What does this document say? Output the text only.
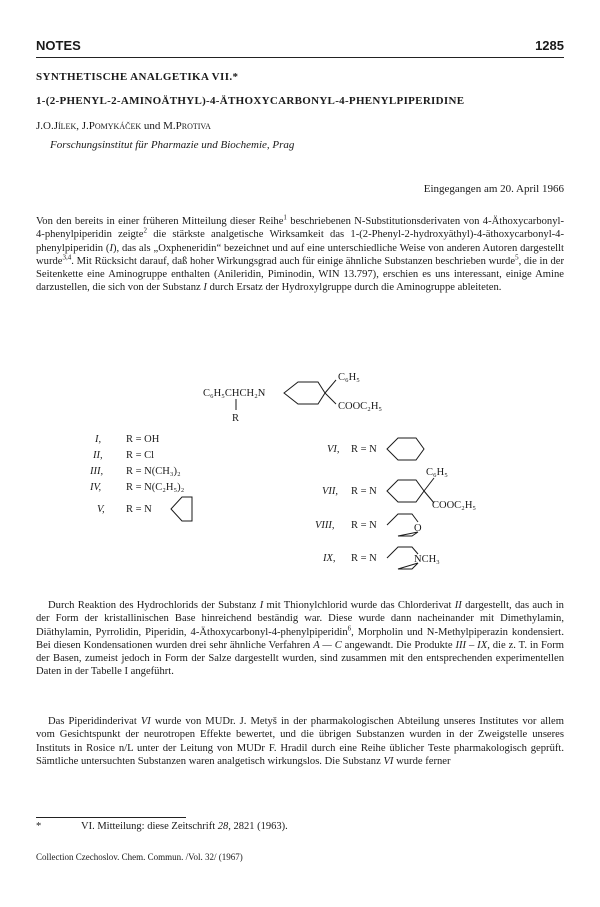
NOTES	1285
SYNTHETISCHE ANALGETIKA VII.*
1-(2-PHENYL-2-AMINOÄTHYL)-4-ÄTHOXYCARBONYL-4-PHENYLPIPERIDINE
J.O.Jílek, J.Pomykáček und M.Protiva
Forschungsinstitut für Pharmazie und Biochemie, Prag
Eingegangen am 20. April 1966

Von den bereits in einer früheren Mitteilung dieser Reihe$^1$ beschriebenen N-Substitutionsderivaten von 4-Äthoxycarbonyl-4-phenylpiperidin zeigte$^2$ die stärkste analgetische Wirksamkeit das 1-(2-Phenyl-2-hydroxyäthyl)-4-äthoxycarbonyl-4-phenylpiperidin (I), das als „Oxpheneridin“ bezeichnet und auf eine unterschiedliche Weise von anderen Autoren dargestellt wurde$^{3,4}$. Mit Rücksicht darauf, daß hoher Wirkungsgrad auch für einige ähnliche Substanzen beschrieben wurde$^5$, die in der Seitenkette eine Aminogruppe enthalten (Anileridin, Piminodin, WIN 13.797), erschien es uns interessant, einige Amine darzustellen, die sich von der Substanz I durch Ersatz der Hydroxylgruppe durch die Aminogruppe ableiteten.

C₆H₅CHCH₂N
C₆H₅
COOC₂H₅
R
I, R = OH
II, R = Cl
III, R = N(CH₃)₂
IV, R = N(C₂H₅)₂
V, R = N
VI, R = N
VII, R = N
C₆H₅
COOC₂H₅
VIII, R = N	O
IX, R = N	NCH₃

Durch Reaktion des Hydrochlorids der Substanz I mit Thionylchlorid wurde das Chlorderivat II dargestellt, das auch in der Form der kristallinischen Base hinreichend beständig war. Diese wurde dann nacheinander mit Dimethylamin, Diäthylamin, Pyrrolidin, Piperidin, 4-Äthoxycarbonyl-4-phenylpiperidin$^6$, Morpholin und N-Methylpiperazin kondensiert. Bei diesen Kondensationen wurden drei sehr ähnliche Verfahren A — C angewandt. Die Produkte III – IX, die z. T. in Form der Basen, zumeist jedoch in Form der Salze dargestellt wurden, sind zusammen mit den entsprechenden experimentellen Daten in der Tabelle I angeführt.

Das Piperidinderivat VI wurde von MUDr. J. Metyš in der pharmakologischen Abteilung unseres Institutes vor allem vom Gesichtspunkt der neurotropen Effekte bewertet, und die übrigen Substanzen wurden in der Zweigstelle unseres Instituts in Rosice n/L unter der Leitung von MUDr F. Hradil durch eine Reihe üblicher Teste pharmakologisch geprüft. Sämtliche untersuchten Substanzen waren analgetisch wirkungslos. Die Substanz VI wurde ferner

*	VI. Mitteilung: diese Zeitschrift 28, 2821 (1963).
Collection Czechoslov. Chem. Commun. /Vol. 32/ (1967)
